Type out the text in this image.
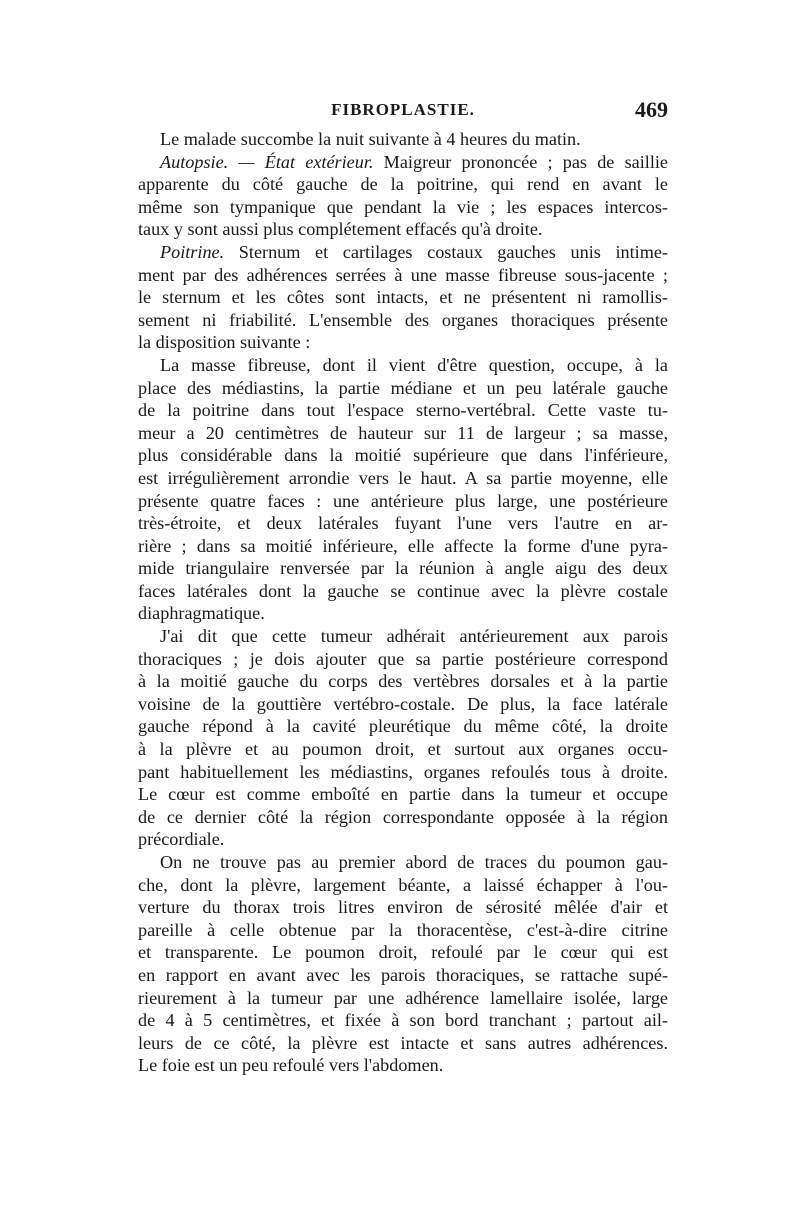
FIBROPLASTIE.	469
Le malade succombe la nuit suivante à 4 heures du matin.
Autopsie. — État extérieur. Maigreur prononcée ; pas de saillie
apparente du côté gauche de la poitrine, qui rend en avant le
même son tympanique que pendant la vie ; les espaces intercos-
taux y sont aussi plus complétement effacés qu'à droite.
Poitrine. Sternum et cartilages costaux gauches unis intime-
ment par des adhérences serrées à une masse fibreuse sous-jacente ;
le sternum et les côtes sont intacts, et ne présentent ni ramollis-
sement ni friabilité. L'ensemble des organes thoraciques présente
la disposition suivante :
La masse fibreuse, dont il vient d'être question, occupe, à la
place des médiastins, la partie médiane et un peu latérale gauche
de la poitrine dans tout l'espace sterno-vertébral. Cette vaste tu-
meur a 20 centimètres de hauteur sur 11 de largeur ; sa masse,
plus considérable dans la moitié supérieure que dans l'inférieure,
est irrégulièrement arrondie vers le haut. A sa partie moyenne, elle
présente quatre faces : une antérieure plus large, une postérieure
très-étroite, et deux latérales fuyant l'une vers l'autre en ar-
rière ; dans sa moitié inférieure, elle affecte la forme d'une pyra-
mide triangulaire renversée par la réunion à angle aigu des deux
faces latérales dont la gauche se continue avec la plèvre costale
diaphragmatique.
J'ai dit que cette tumeur adhérait antérieurement aux parois
thoraciques ; je dois ajouter que sa partie postérieure correspond
à la moitié gauche du corps des vertèbres dorsales et à la partie
voisine de la gouttière vertébro-costale. De plus, la face latérale
gauche répond à la cavité pleurétique du même côté, la droite
à la plèvre et au poumon droit, et surtout aux organes occu-
pant habituellement les médiastins, organes refoulés tous à droite.
Le cœur est comme emboîté en partie dans la tumeur et occupe
de ce dernier côté la région correspondante opposée à la région
précordiale.
On ne trouve pas au premier abord de traces du poumon gau-
che, dont la plèvre, largement béante, a laissé échapper à l'ou-
verture du thorax trois litres environ de sérosité mêlée d'air et
pareille à celle obtenue par la thoracentèse, c'est-à-dire citrine
et transparente. Le poumon droit, refoulé par le cœur qui est
en rapport en avant avec les parois thoraciques, se rattache supé-
rieurement à la tumeur par une adhérence lamellaire isolée, large
de 4 à 5 centimètres, et fixée à son bord tranchant ; partout ail-
leurs de ce côté, la plèvre est intacte et sans autres adhérences.
Le foie est un peu refoulé vers l'abdomen.
